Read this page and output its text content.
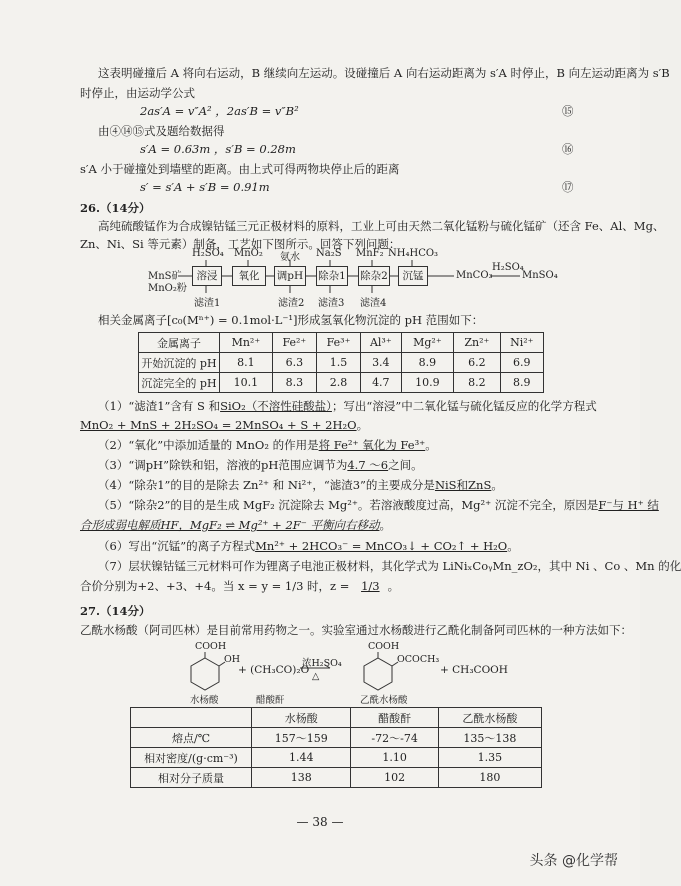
这表明碰撞后 A 将向右运动，B 继续向左运动。设碰撞后 A 向右运动距离为 s′A 时停止，B 向左运动距离为 s′B
时停止，由运动学公式
2as′A = v″A² ，2as′B = v″B²	⑮
由④⑭⑮式及题给数据得
s′A = 0.63m ，s′B = 0.28m	⑯
s′A 小于碰撞处到墙壁的距离。由上式可得两物块停止后的距离
s′ = s′A + s′B = 0.91m	⑰
26.（14分）
高纯硫酸锰作为合成镍钴锰三元正极材料的原料，工业上可由天然二氧化锰粉与硫化锰矿（还含 Fe、Al、Mg、
Zn、Ni、Si 等元素）制备，工艺如下图所示。回答下列问题：
MnS矿
MnO₂粉
溶浸	氧化	调pH 除杂1 除杂2	沉锰
H₂SO₄ MnO₂ 氨水 Na₂S MnF₂ NH₄HCO₃
滤渣1	滤渣2 滤渣3 滤渣4
MnCO₃
H₂SO₄
MnSO₄
相关金属离子[c₀(Mⁿ⁺) = 0.1mol·L⁻¹]形成氢氧化物沉淀的 pH 范围如下：
金属离子	Mn²⁺	Fe²⁺	Fe³⁺	Al³⁺	Mg²⁺	Zn²⁺	Ni²⁺
开始沉淀的 pH	8.1	6.3	1.5	3.4	8.9	6.2	6.9
沉淀完全的 pH	10.1	8.3	2.8	4.7	10.9	8.2	8.9
（1）“滤渣1”含有 S 和SiO₂（不溶性硅酸盐）；写出“溶浸”中二氧化锰与硫化锰反应的化学方程式
MnO₂ + MnS + 2H₂SO₄ = 2MnSO₄ + S + 2H₂O。
（2）“氧化”中添加适量的 MnO₂ 的作用是将 Fe²⁺ 氧化为 Fe³⁺。
（3）“调pH”除铁和铝，溶液的pH范围应调节为4.7 ～6之间。
（4）“除杂1”的目的是除去 Zn²⁺ 和 Ni²⁺，“滤渣3”的主要成分是NiS和ZnS。
（5）“除杂2”的目的是生成 MgF₂ 沉淀除去 Mg²⁺。若溶液酸度过高，Mg²⁺ 沉淀不完全，原因是F⁻与 H⁺ 结
合形成弱电解质HF，MgF₂ ⇌ Mg²⁺ + 2F⁻ 平衡向右移动。
（6）写出“沉锰”的离子方程式Mn²⁺ + 2HCO₃⁻ = MnCO₃↓ + CO₂↑ + H₂O。
（7）层状镍钴锰三元材料可作为锂离子电池正极材料，其化学式为 LiNiₓCoᵧMn_zO₂，其中 Ni 、Co 、Mn 的化
合价分别为+2、+3、+4。当 x = y = 1/3 时，z = 1/3 。
27.（14分）
乙酰水杨酸（阿司匹林）是目前常用药物之一。实验室通过水杨酸进行乙酰化制备阿司匹林的一种方法如下：
COOH
OH
+ (CH₃CO)₂O
浓H₂SO₄
△
COOH
OCOCH₃
+ CH₃COOH
水杨酸	醋酸酐	乙酰水杨酸
	水杨酸	醋酸酐	乙酰水杨酸
熔点/℃	157～159	-72～-74	135～138
相对密度/(g·cm⁻³)	1.44	1.10	1.35
相对分子质量	138	102	180
— 38 —
头条 @化学帮
